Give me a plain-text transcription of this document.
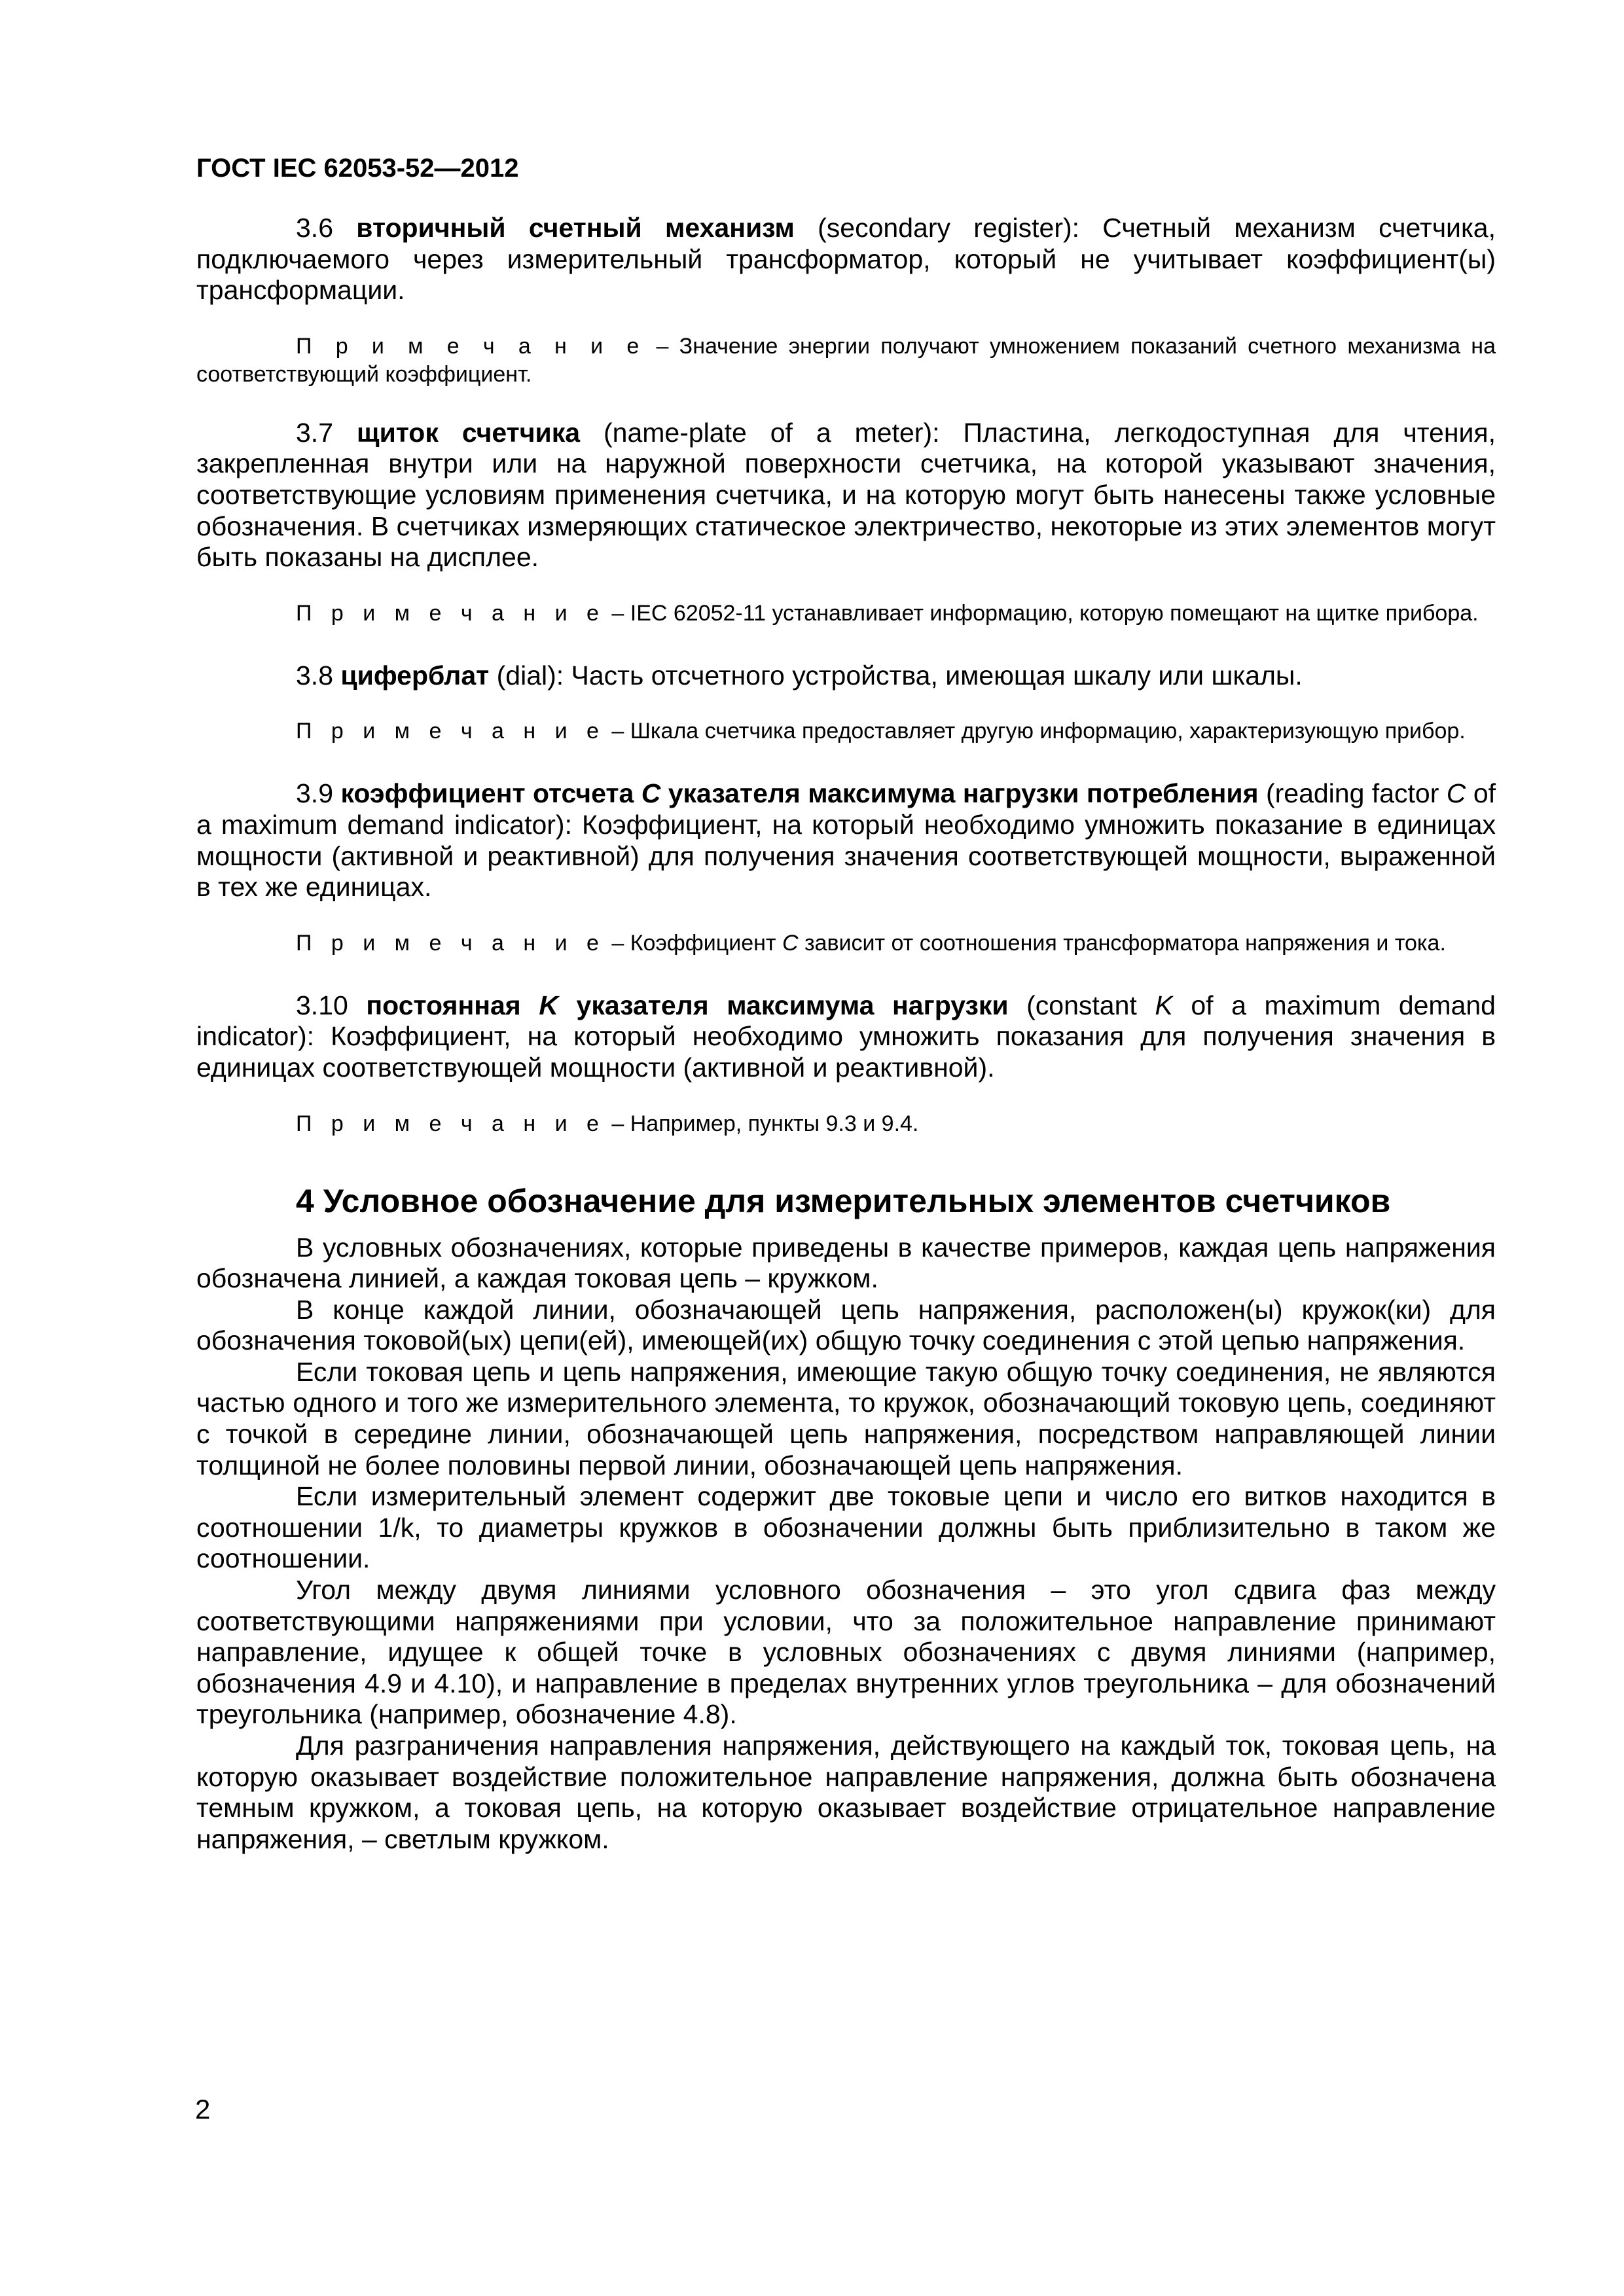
ГОСТ IEC 62053-52—2012

3.6 вторичный счетный механизм (secondary register): Счетный механизм счетчика, подключаемого через измерительный трансформатор, который не учитывает коэффициент(ы) трансформации.

П р и м е ч а н и е – Значение энергии получают умножением показаний счетного механизма на соответствующий коэффициент.

3.7 щиток счетчика (name-plate of a meter): Пластина, легкодоступная для чтения, закрепленная внутри или на наружной поверхности счетчика, на которой указывают значения, соответствующие условиям применения счетчика, и на которую могут быть нанесены также условные обозначения. В счетчиках измеряющих статическое электричество, некоторые из этих элементов могут быть показаны на дисплее.

П р и м е ч а н и е – IEC 62052-11 устанавливает информацию, которую помещают на щитке прибора.

3.8 циферблат (dial): Часть отсчетного устройства, имеющая шкалу или шкалы.

П р и м е ч а н и е – Шкала счетчика предоставляет другую информацию, характеризующую прибор.

3.9 коэффициент отсчета C указателя максимума нагрузки потребления (reading factor C of a maximum demand indicator): Коэффициент, на который необходимо умножить показание в единицах мощности (активной и реактивной) для получения значения соответствующей мощности, выраженной в тех же единицах.

П р и м е ч а н и е – Коэффициент C зависит от соотношения трансформатора напряжения и тока.

3.10 постоянная K указателя максимума нагрузки (constant K of a maximum demand indicator): Коэффициент, на который необходимо умножить показания для получения значения в единицах соответствующей мощности (активной и реактивной).

П р и м е ч а н и е – Например, пункты 9.3 и 9.4.

4 Условное обозначение для измерительных элементов счетчиков

В условных обозначениях, которые приведены в качестве примеров, каждая цепь напряжения обозначена линией, а каждая токовая цепь – кружком.

В конце каждой линии, обозначающей цепь напряжения, расположен(ы) кружок(ки) для обозначения токовой(ых) цепи(ей), имеющей(их) общую точку соединения с этой цепью напряжения.

Если токовая цепь и цепь напряжения, имеющие такую общую точку соединения, не являются частью одного и того же измерительного элемента, то кружок, обозначающий токовую цепь, соединяют с точкой в середине линии, обозначающей цепь напряжения, посредством направляющей линии толщиной не более половины первой линии, обозначающей цепь напряжения.

Если измерительный элемент содержит две токовые цепи и число его витков находится в соотношении 1/k, то диаметры кружков в обозначении должны быть приблизительно в таком же соотношении.

Угол между двумя линиями условного обозначения – это угол сдвига фаз между соответствующими напряжениями при условии, что за положительное направление принимают направление, идущее к общей точке в условных обозначениях с двумя линиями (например, обозначения 4.9 и 4.10), и направление в пределах внутренних углов треугольника – для обозначений треугольника (например, обозначение 4.8).

Для разграничения направления напряжения, действующего на каждый ток, токовая цепь, на которую оказывает воздействие положительное направление напряжения, должна быть обозначена темным кружком, а токовая цепь, на которую оказывает воздействие отрицательное направление напряжения, – светлым кружком.

2
